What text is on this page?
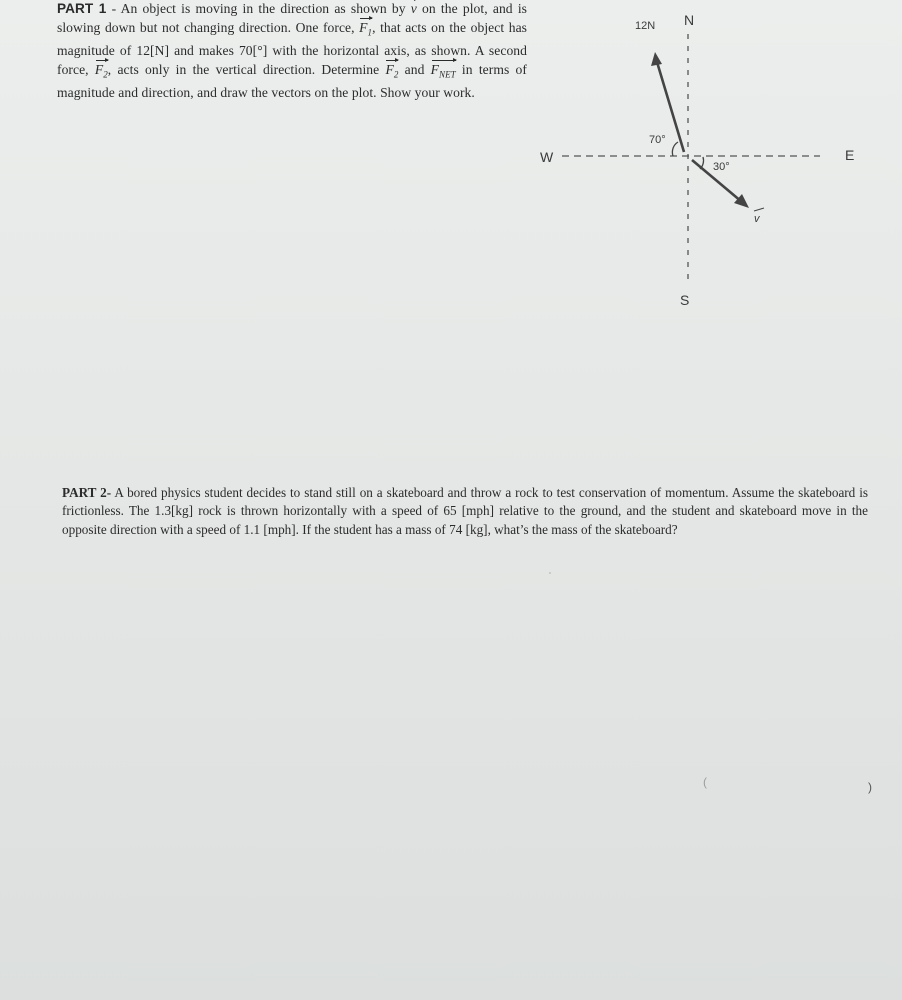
PART 1 - An object is moving in the direction as shown by v on the plot, and is slowing down but not changing direction. One force, $F_1$, that acts on the object has magnitude of 12[N] and makes 70[°] with the horizontal axis, as shown. A second force, $F_2$, acts only in the vertical direction. Determine $F_2$ and $F_{NET}$ in terms of magnitude and direction, and draw the vectors on the plot. Show your work.
N
S
E
W
12N
70°
30°
v
PART 2- A bored physics student decides to stand still on a skateboard and throw a rock to test conservation of momentum. Assume the skateboard is frictionless. The 1.3[kg] rock is thrown horizontally with a speed of 65 [mph] relative to the ground, and the student and skateboard move in the opposite direction with a speed of 1.1 [mph]. If the student has a mass of 74 [kg], what’s the mass of the skateboard?
ˈ
(	)
